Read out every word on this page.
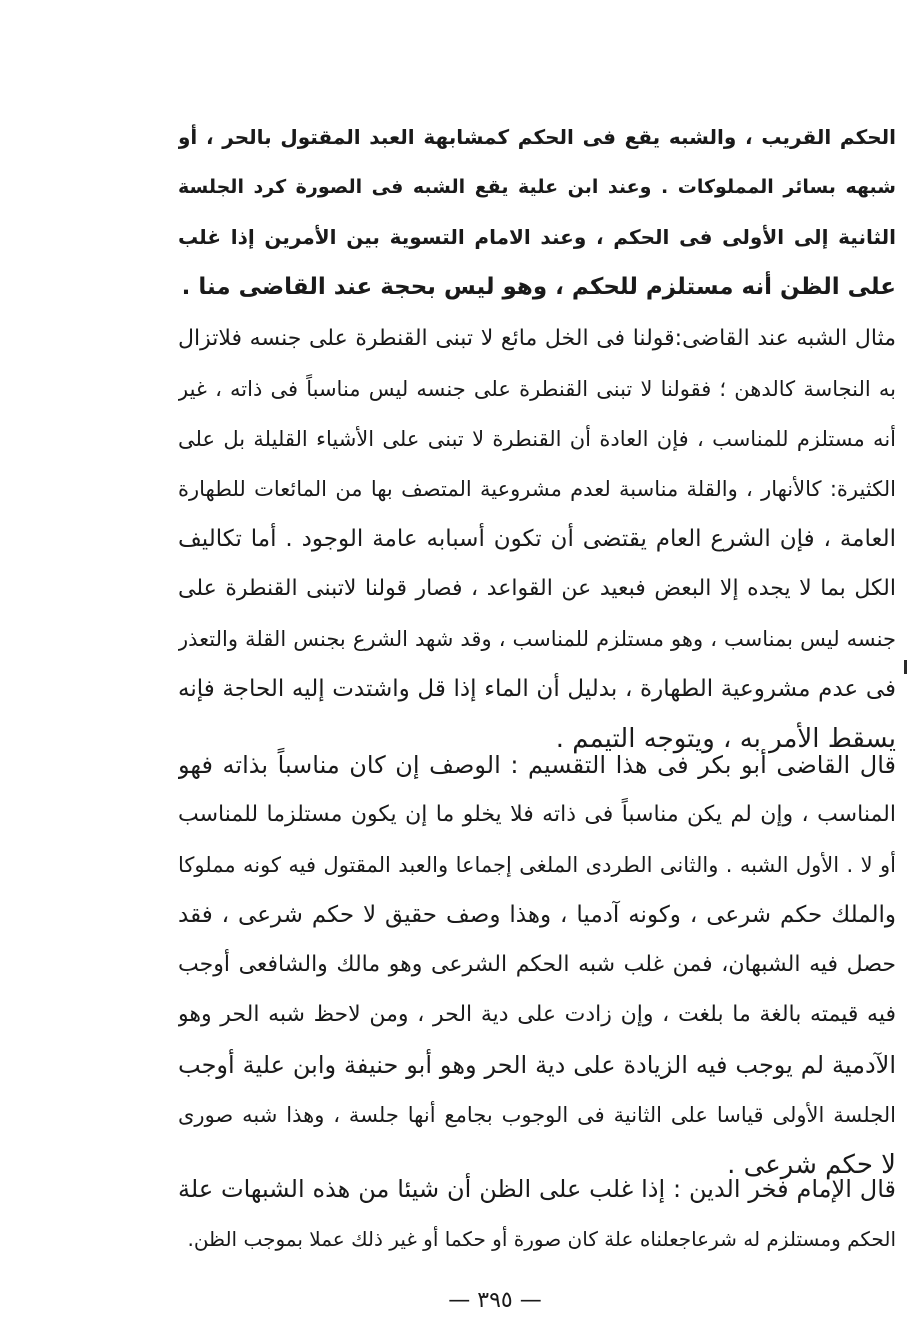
الحكم القريب ، والشبه يقع فى الحكم كمشابهة العبد المقتول بالحر ، أو
شبهه بسائر المملوكات . وعند ابن علية يقع الشبه فى الصورة كرد الجلسة
الثانية إلى الأولى فى الحكم ، وعند الامام التسوية بين الأمرين إذا غلب
على الظن أنه مستلزم للحكم ، وهو ليس بحجة عند القاضى منا .
مثال الشبه عند القاضى:قولنا فى الخل مائع لا تبنى القنطرة على جنسه فلاتزال
به النجاسة كالدهن ؛ فقولنا لا تبنى القنطرة على جنسه ليس مناسباً فى ذاته ، غير
أنه مستلزم للمناسب ، فإن العادة أن القنطرة لا تبنى على الأشياء القليلة بل على
الكثيرة: كالأنهار ، والقلة مناسبة لعدم مشروعية المتصف بها من المائعات للطهارة
العامة ، فإن الشرع العام يقتضى أن تكون أسبابه عامة الوجود . أما تكاليف
الكل بما لا يجده إلا البعض فبعيد عن القواعد ، فصار قولنا لاتبنى القنطرة على
جنسه ليس بمناسب ، وهو مستلزم للمناسب ، وقد شهد الشرع بجنس القلة والتعذر
فى عدم مشروعية الطهارة ، بدليل أن الماء إذا قل واشتدت إليه الحاجة فإنه
يسقط الأمر به ، ويتوجه التيمم .
قال القاضى أبو بكر فى هذا التقسيم : الوصف إن كان مناسباً بذاته فهو
المناسب ، وإن لم يكن مناسباً فى ذاته فلا يخلو ما إن يكون مستلزما للمناسب
أو لا . الأول الشبه . والثانى الطردى الملغى إجماعا والعبد المقتول فيه كونه مملوكا
والملك حكم شرعى ، وكونه آدميا ، وهذا وصف حقيق لا حكم شرعى ، فقد
حصل فيه الشبهان، فمن غلب شبه الحكم الشرعى وهو مالك والشافعى أوجب
فيه قيمته بالغة ما بلغت ، وإن زادت على دية الحر ، ومن لاحظ شبه الحر وهو
الآدمية لم يوجب فيه الزيادة على دية الحر وهو أبو حنيفة وابن علية أوجب
الجلسة الأولى قياسا على الثانية فى الوجوب بجامع أنها جلسة ، وهذا شبه صورى
لا حكم شرعى .
قال الإمام فخر الدين : إذا غلب على الظن أن شيئا من هذه الشبهات علة
الحكم ومستلزم له شرعاجعلناه علة كان صورة أو حكما أو غير ذلك عملا بموجب الظن.
— ٣٩٥ —
